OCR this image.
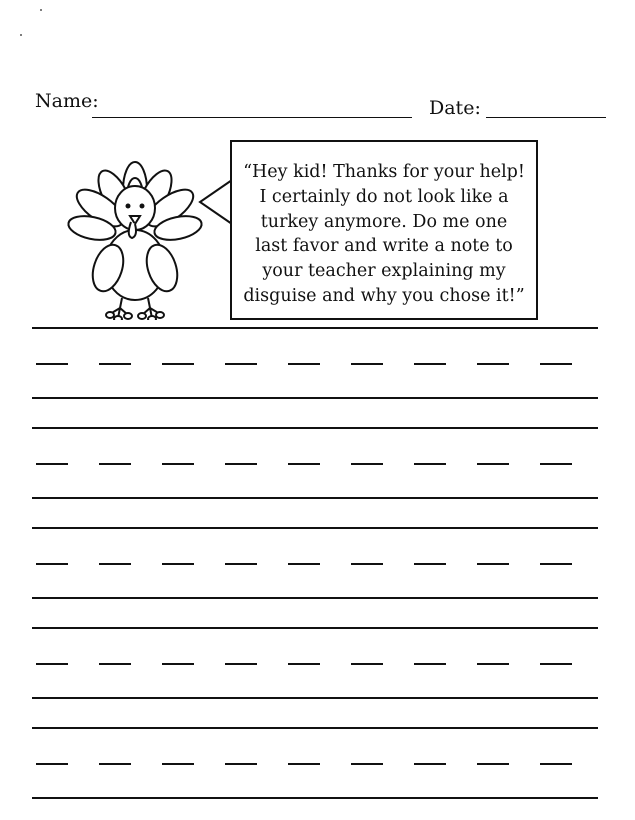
Name:	Date:
“Hey kid! Thanks for your help!
I certainly do not look like a
turkey anymore. Do me one
last favor and write a note to
your teacher explaining my
disguise and why you chose it!”
